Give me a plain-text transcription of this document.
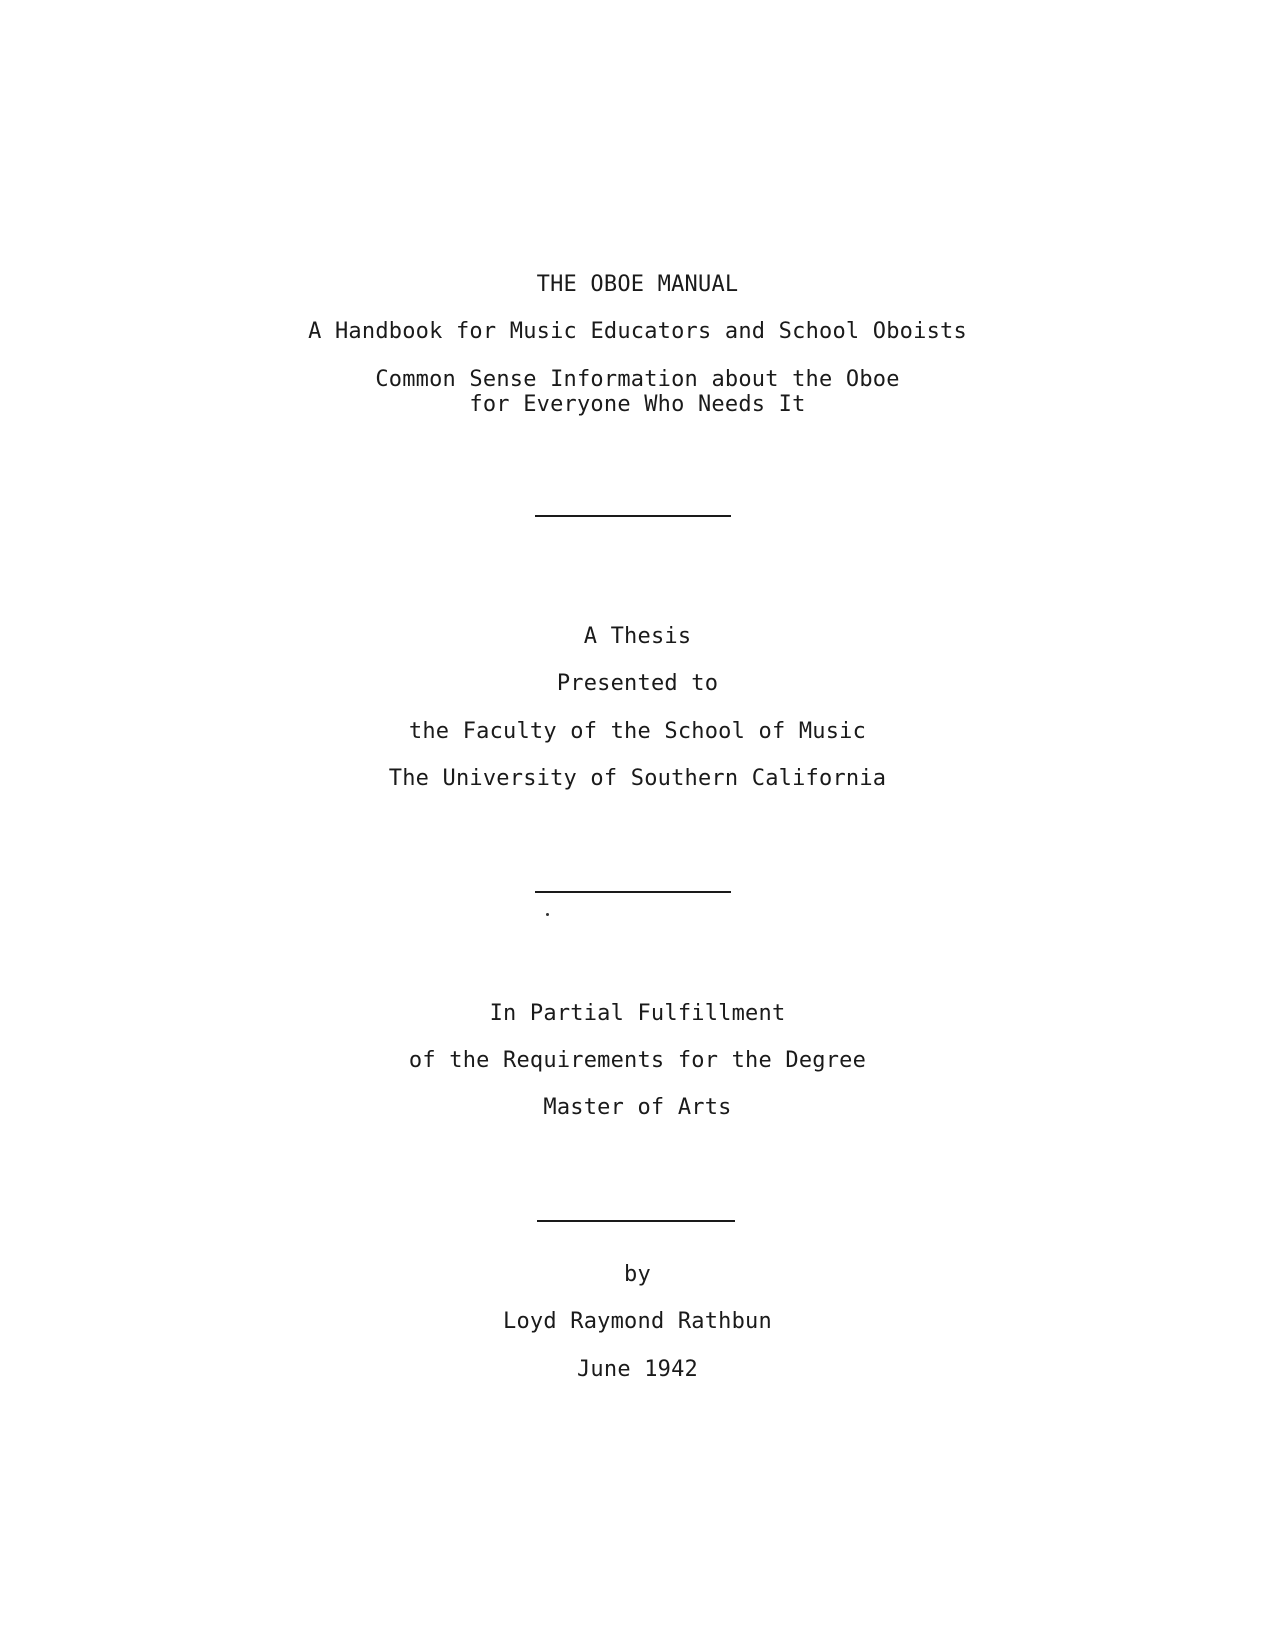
THE OBOE MANUAL
A Handbook for Music Educators and School Oboists
Common Sense Information about the Oboe
for Everyone Who Needs It
A Thesis
Presented to
the Faculty of the School of Music
The University of Southern California
In Partial Fulfillment
of the Requirements for the Degree
Master of Arts
by
Loyd Raymond Rathbun
June 1942
